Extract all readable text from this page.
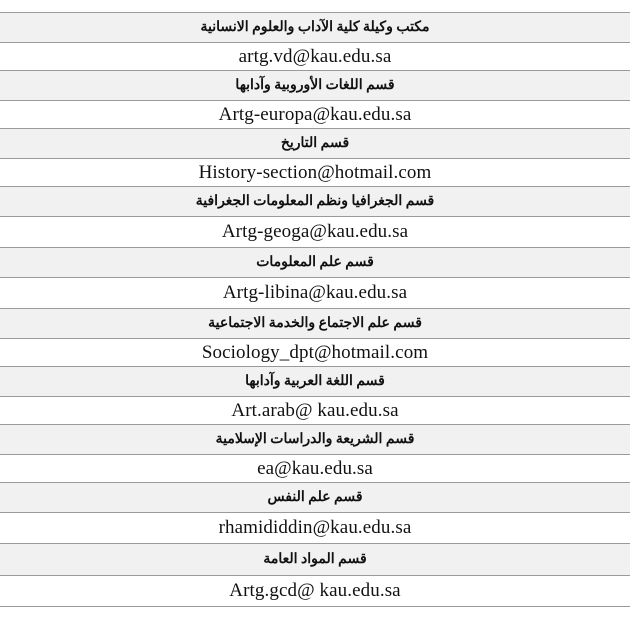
مكتب وكيلة كلية الآداب والعلوم الانسانية
artg.vd@kau.edu.sa
قسم اللغات الأوروبية وآدابها
Artg-europa@kau.edu.sa
قسم التاريخ
History-section@hotmail.com
قسم الجغرافيا ونظم المعلومات الجغرافية
Artg-geoga@kau.edu.sa
قسم علم المعلومات
Artg-libina@kau.edu.sa
قسم علم الاجتماع والخدمة الاجتماعية
Sociology_dpt@hotmail.com
قسم اللغة العربية وآدابها
Art.arab@ kau.edu.sa
قسم الشريعة والدراسات الإسلامية
ea@kau.edu.sa
قسم علم النفس
rhamididdin@kau.edu.sa
قسم المواد العامة
Artg.gcd@ kau.edu.sa
